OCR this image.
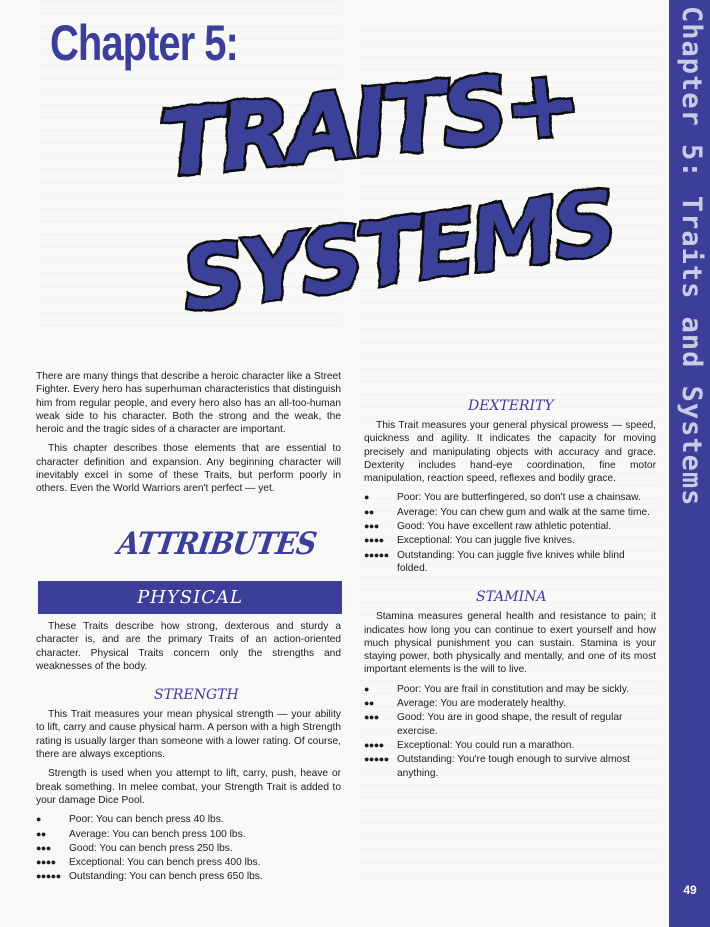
Chapter 5:
TRAITS+
SYSTEMS

There are many things that describe a heroic character like a Street Fighter. Every hero has superhuman characteristics that distinguish him from regular people, and every hero also has an all-too-human weak side to his character. Both the strong and the weak, the heroic and the tragic sides of a character are important.

This chapter describes those elements that are essential to character definition and expansion. Any beginning character will inevitably excel in some of these Traits, but perform poorly in others. Even the World Warriors aren't perfect — yet.

ATTRIBUTES
PHYSICAL

These Traits describe how strong, dexterous and sturdy a character is, and are the primary Traits of an action-oriented character. Physical Traits concern only the strengths and weaknesses of the body.

STRENGTH

This Trait measures your mean physical strength — your ability to lift, carry and cause physical harm. A person with a high Strength rating is usually larger than someone with a lower rating. Of course, there are always exceptions.

Strength is used when you attempt to lift, carry, push, heave or break something. In melee combat, your Strength Trait is added to your damage Dice Pool.

●	Poor: You can bench press 40 lbs.
●●	Average: You can bench press 100 lbs.
●●●	Good: You can bench press 250 lbs.
●●●●	Exceptional: You can bench press 400 lbs.
●●●●● Outstanding: You can bench press 650 lbs.
DEXTERITY

This Trait measures your general physical prowess — speed, quickness and agility. It indicates the capacity for moving precisely and manipulating objects with accuracy and grace. Dexterity includes hand-eye coordination, fine motor manipulation, reaction speed, reflexes and bodily grace.

●	Poor: You are butterfingered, so don't use a chainsaw.
●●	Average: You can chew gum and walk at the same time.
●●●	Good: You have excellent raw athletic potential.
●●●●	Exceptional: You can juggle five knives.
●●●●● Outstanding: You can juggle five knives while blind folded.
STAMINA

Stamina measures general health and resistance to pain; it indicates how long you can continue to exert yourself and how much physical punishment you can sustain. Stamina is your staying power, both physically and mentally, and one of its most important elements is the will to live.

●	Poor: You are frail in constitution and may be sickly.
●●	Average: You are moderately healthy.
●●●	Good: You are in good shape, the result of regular exercise.
●●●●	Exceptional: You could run a marathon.
●●●●● Outstanding: You're tough enough to survive almost anything.
Chapter 5: Traits and Systems
49
